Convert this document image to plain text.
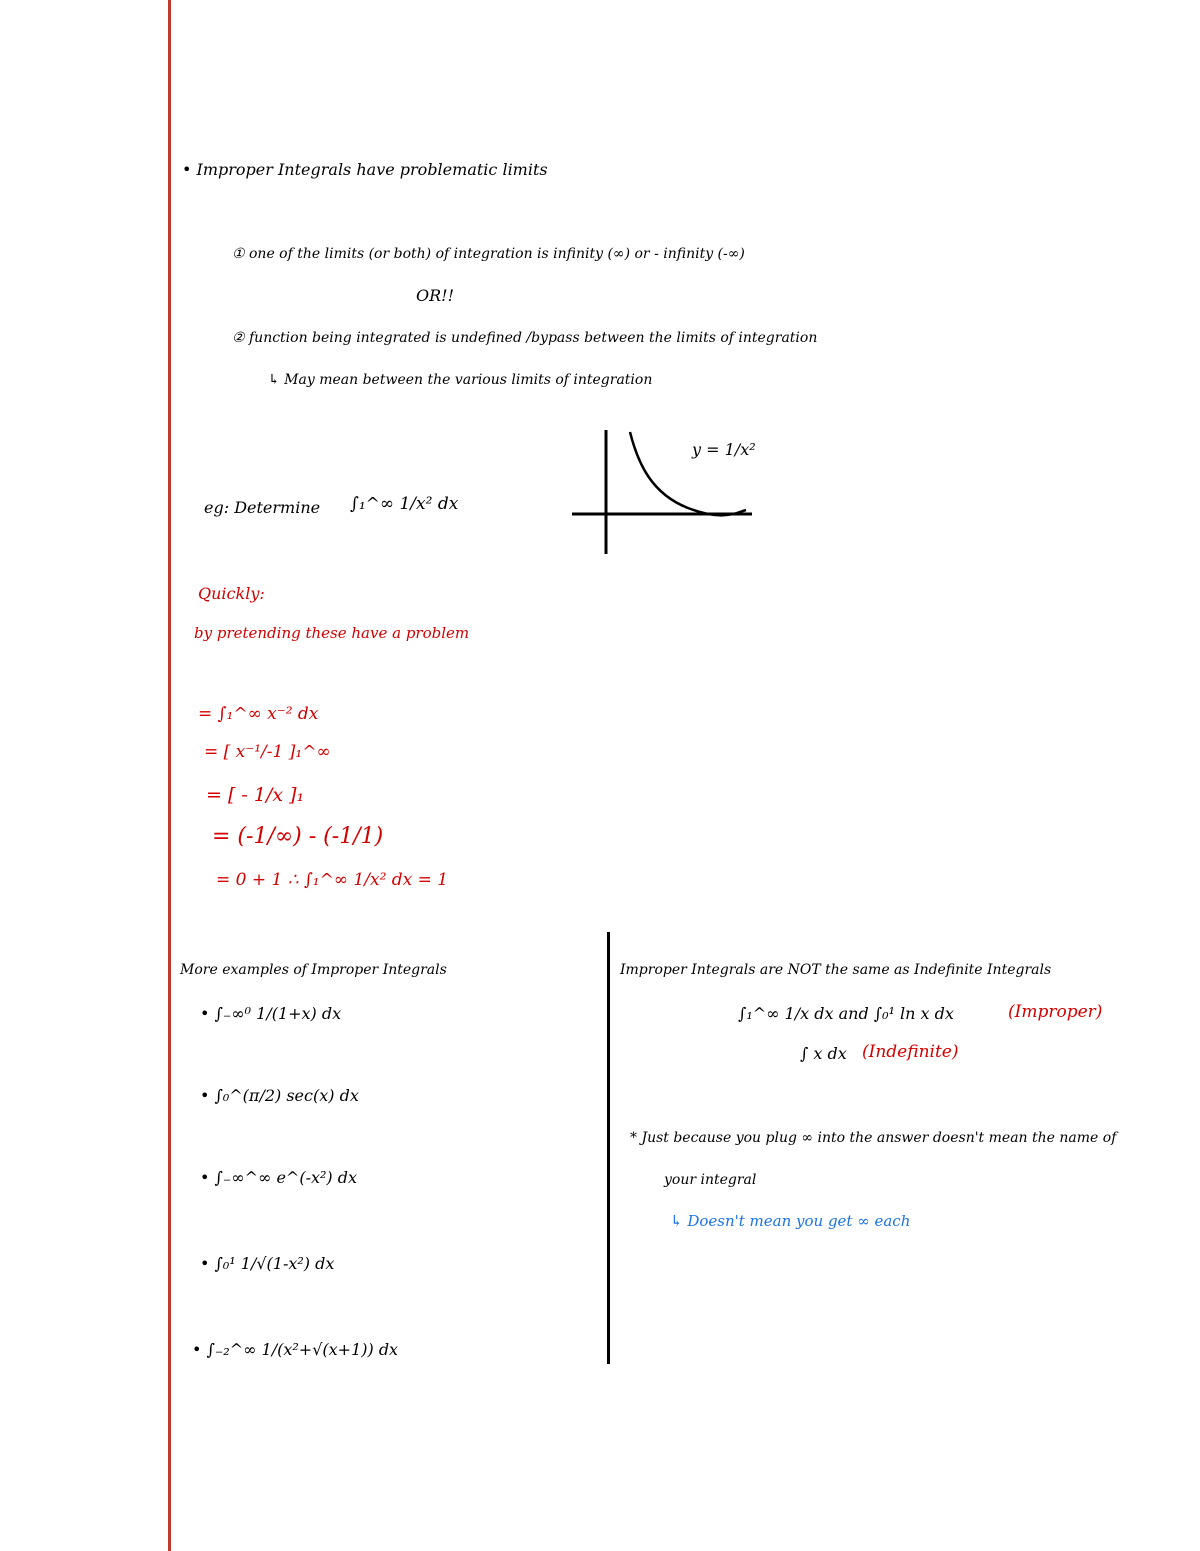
• Improper Integrals have problematic limits
① one of the limits (or both) of integration is infinity (∞) or - infinity (-∞)
OR!!
② function being integrated is undefined /bypass between the limits of integration
↳ May mean between the various limits of integration
eg: Determine ∫₁^∞ 1/x² dx
y = 1/x²
Quickly:
by pretending these have a problem
= ∫₁^∞ x⁻² dx
= [ x⁻¹/-1 ]₁^∞
= [ - 1/x ]₁
= (-1/∞) - (-1/1)
= 0 + 1 ∴ ∫₁^∞ 1/x² dx = 1
More examples of Improper Integrals
• ∫₋∞⁰ 1/(1+x) dx
• ∫₀^(π/2) sec(x) dx
• ∫₋∞^∞ e^(-x²) dx
• ∫₀¹ 1/√(1-x²) dx
• ∫₋₂^∞ 1/(x²+√(x+1)) dx
Improper Integrals are NOT the same as Indefinite Integrals
∫₁^∞ 1/x dx and ∫₀¹ ln x dx	(Improper)
∫ x dx (Indefinite)
* Just because you plug ∞ into the answer doesn't mean the name of
your integral
↳ Doesn't mean you get ∞ each
